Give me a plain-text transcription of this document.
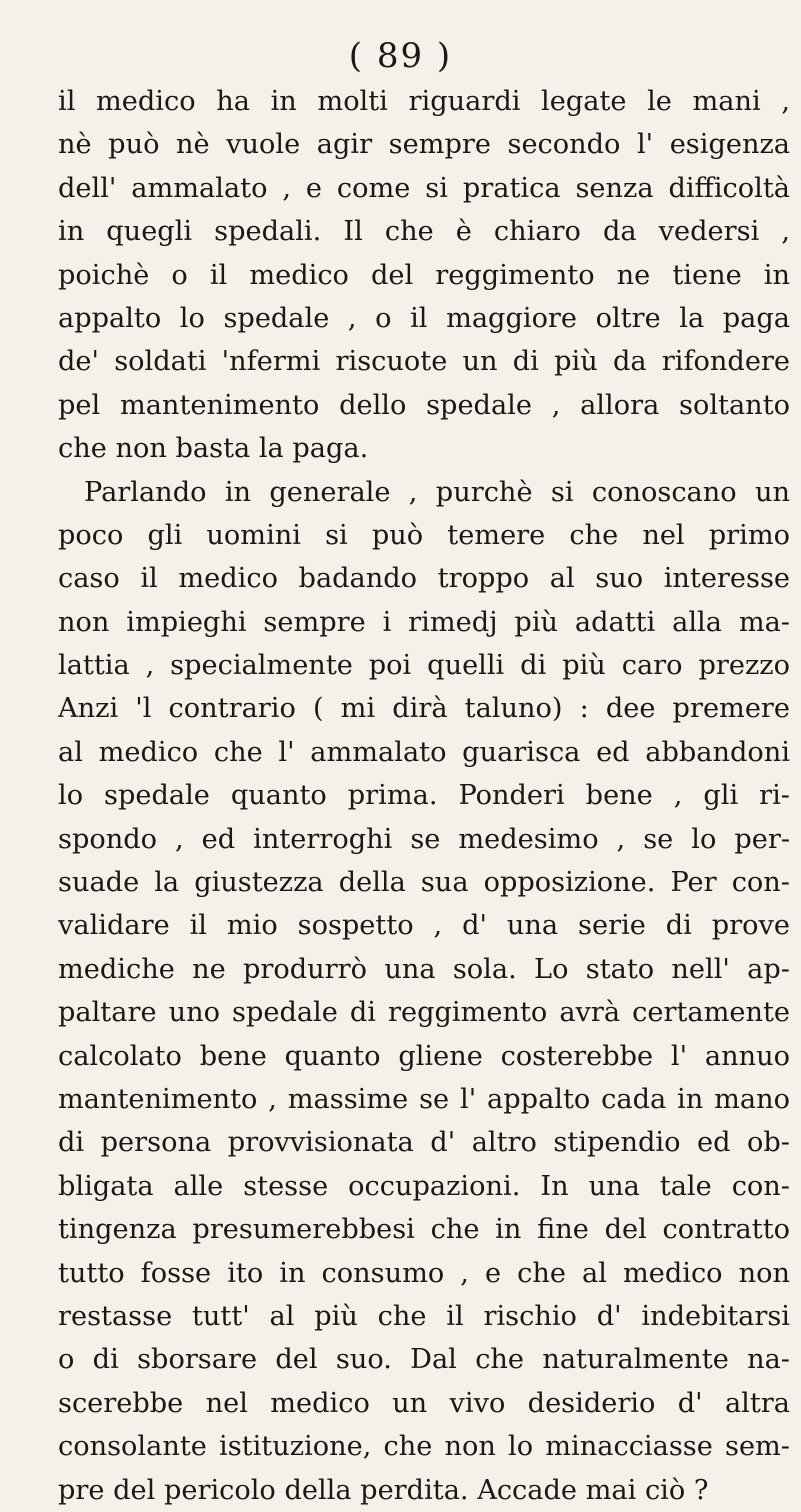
( 89 )
il medico ha in molti riguardi legate le mani ,
nè può nè vuole agir sempre secondo l' esigenza
dell' ammalato , e come si pratica senza difficoltà
in quegli spedali. Il che è chiaro da vedersi ,
poichè o il medico del reggimento ne tiene in
appalto lo spedale , o il maggiore oltre la paga
de' soldati 'nfermi riscuote un di più da rifondere
pel mantenimento dello spedale , allora soltanto
che non basta la paga.
Parlando in generale , purchè si conoscano un
poco gli uomini si può temere che nel primo
caso il medico badando troppo al suo interesse
non impieghi sempre i rimedj più adatti alla ma-
lattia , specialmente poi quelli di più caro prezzo
Anzi 'l contrario ( mi dirà taluno) : dee premere
al medico che l' ammalato guarisca ed abbandoni
lo spedale quanto prima. Ponderi bene , gli ri-
spondo , ed interroghi se medesimo , se lo per-
suade la giustezza della sua opposizione. Per con-
validare il mio sospetto , d' una serie di prove
mediche ne produrrò una sola. Lo stato nell' ap-
paltare uno spedale di reggimento avrà certamente
calcolato bene quanto gliene costerebbe l' annuo
mantenimento , massime se l' appalto cada in mano
di persona provvisionata d' altro stipendio ed ob-
bligata alle stesse occupazioni. In una tale con-
tingenza presumerebbesi che in fine del contratto
tutto fosse ito in consumo , e che al medico non
restasse tutt' al più che il rischio d' indebitarsi
o di sborsare del suo. Dal che naturalmente na-
scerebbe nel medico un vivo desiderio d' altra
consolante istituzione, che non lo minacciasse sem-
pre del pericolo della perdita. Accade mai ciò ?
